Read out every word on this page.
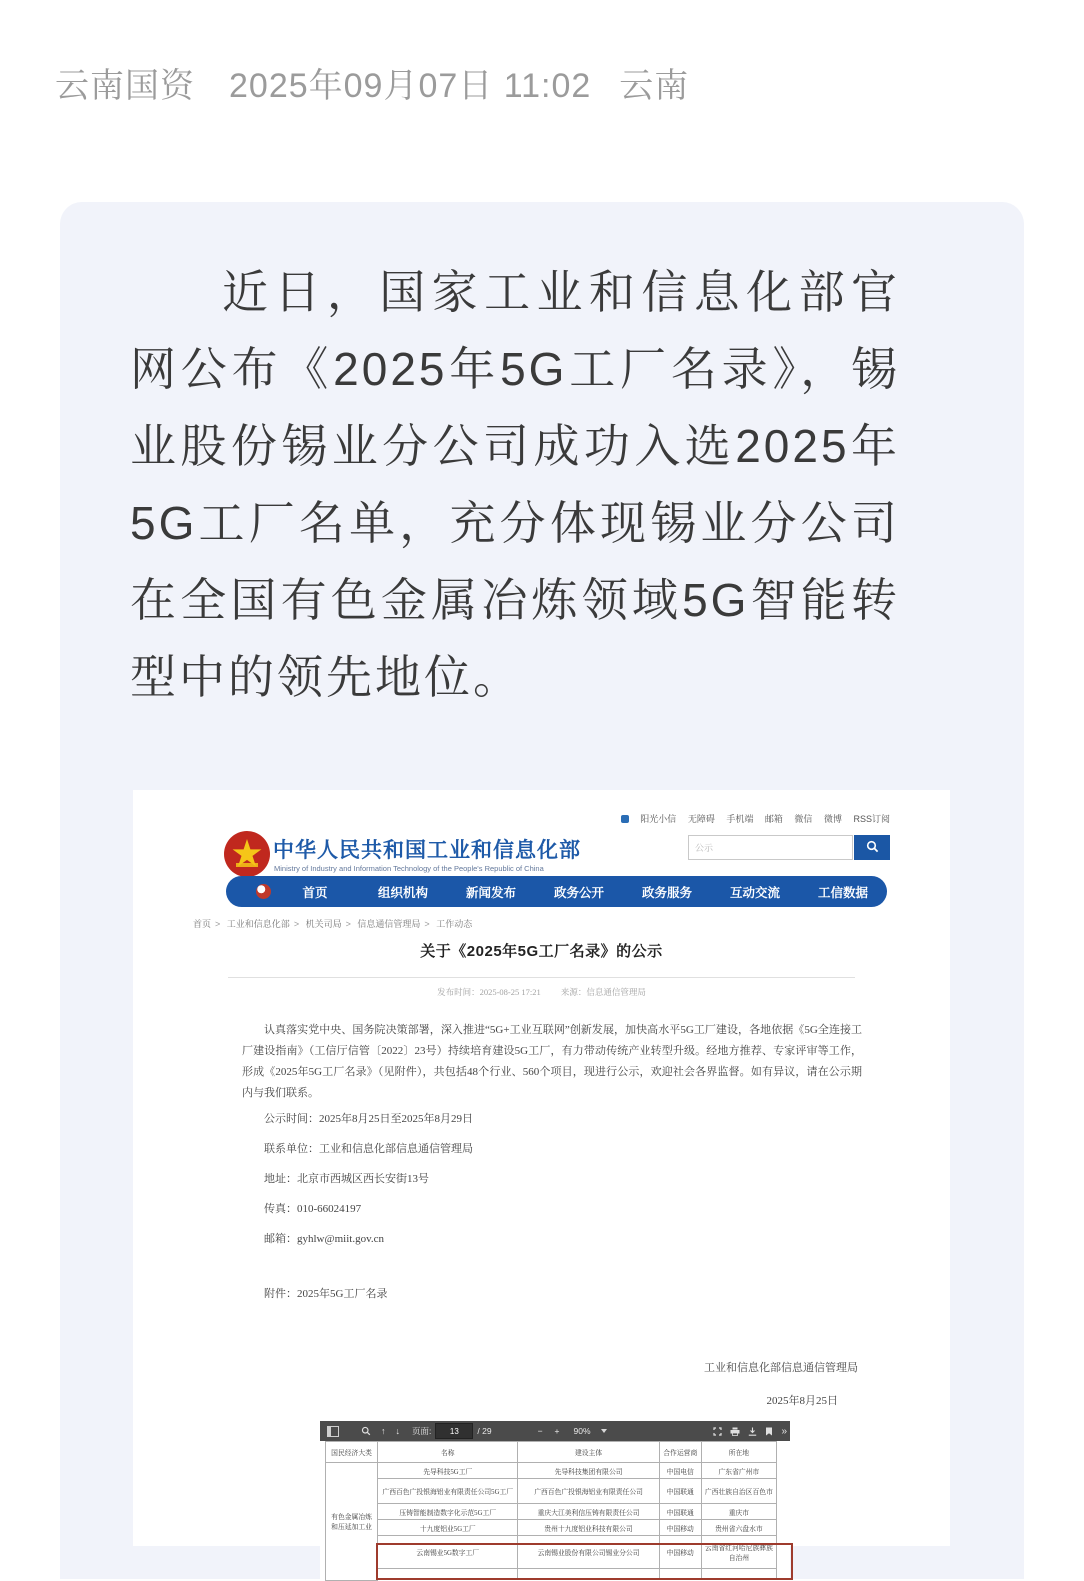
云南国资 2025年09月07日 11:02 云南

近日，国家工业和信息化部官网公布《2025年5G工厂名录》，锡业股份锡业分公司成功入选2025年5G工厂名单，充分体现锡业分公司在全国有色金属冶炼领域5G智能转型中的领先地位。

中华人民共和国工业和信息化部
Ministry of Industry and Information Technology of the People's Republic of China
阳光小信 无障碍 手机端 邮箱 微信 微博 RSS订阅
公示
首页	组织机构	新闻发布	政务公开	政务服务	互动交流	工信数据
首页 > 工业和信息化部 > 机关司局 > 信息通信管理局 > 工作动态
关于《2025年5G工厂名录》的公示
发布时间：2025-08-25 17:21 来源：信息通信管理局

认真落实党中央、国务院决策部署，深入推进“5G+工业互联网”创新发展，加快高水平5G工厂建设，各地依据《5G全连接工厂建设指南》（工信厅信管〔2022〕23号）持续培育建设5G工厂，有力带动传统产业转型升级。经地方推荐、专家评审等工作，形成《2025年5G工厂名录》（见附件），共包括48个行业、560个项目，现进行公示，欢迎社会各界监督。如有异议，请在公示期内与我们联系。

公示时间：2025年8月25日至2025年8月29日

联系单位：工业和信息化部信息通信管理局

地址：北京市西城区西长安街13号

传真：010-66024197

邮箱：gyhlw@miit.gov.cn

附件：2025年5G工厂名录

工业和信息化部信息通信管理局

2025年8月25日

↑ ↓ 页面:
13	/ 29	− + 90%	»
国民经济大类	名称	建设主体	合作运营商	所在地
有色金属冶炼和压延加工业	先导科技5G工厂	先导科技集团有限公司	中国电信	广东省广州市
	广西百色广投银海铝业有限责任公司5G工厂	广西百色广投银海铝业有限责任公司	中国联通	广西壮族自治区百色市
	压铸智能制造数字化示范5G工厂	重庆大江美利信压铸有限责任公司	中国联通	重庆市
	十九度铝业5G工厂	贵州十九度铝业科技有限公司	中国移动	贵州省六盘水市
	云南锡业5G数字工厂	云南锡业股份有限公司锡业分公司	中国移动	云南省红河哈尼族彝族自治州
